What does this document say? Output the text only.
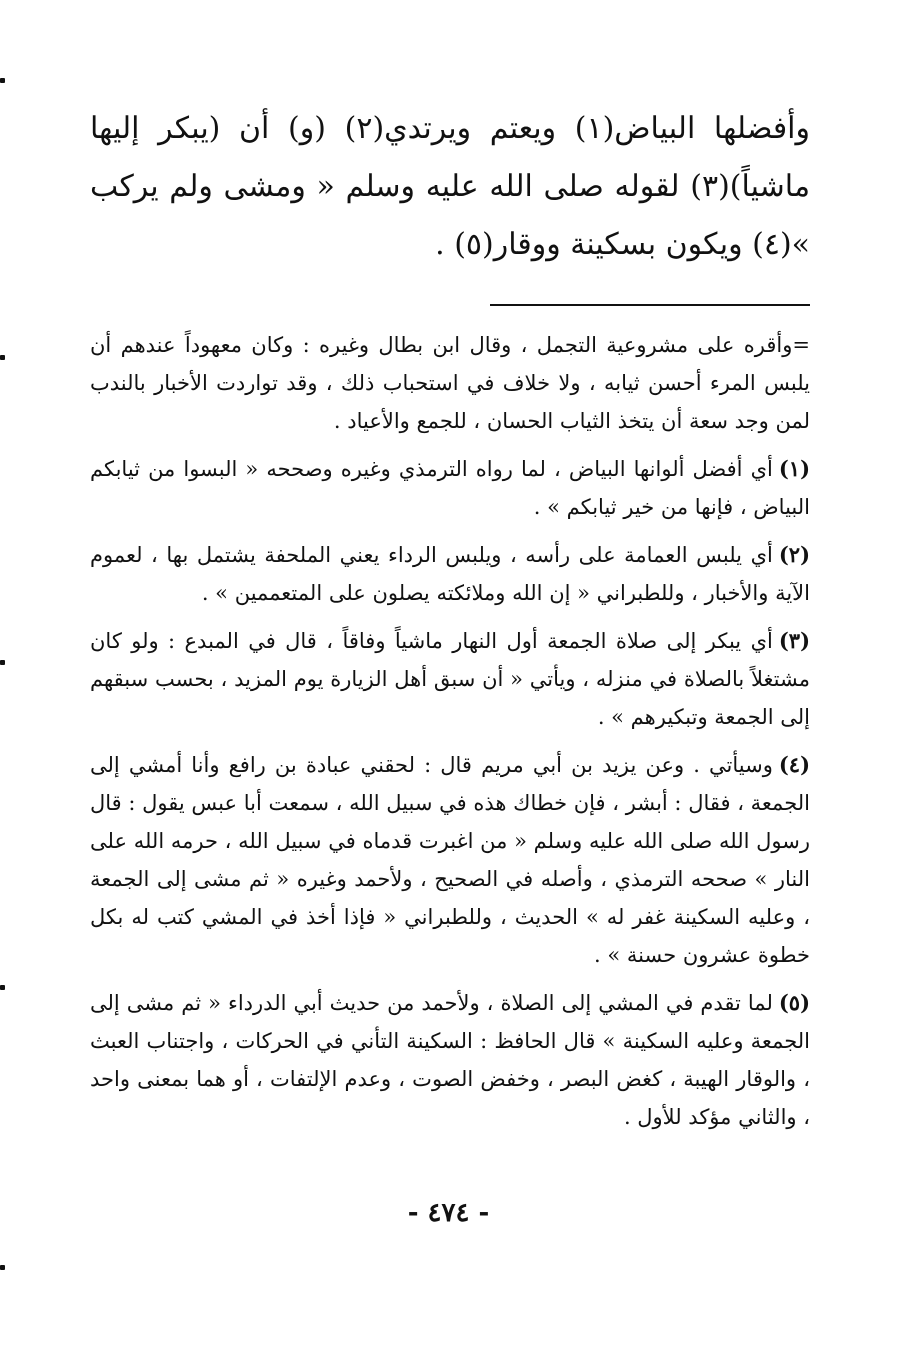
وأفضلها البياض(١) ويعتم ويرتدي(٢) (و) أن (يبكر إليها ماشياً)(٣) لقوله صلى الله عليه وسلم « ومشى ولم يركب »(٤) ويكون بسكينة ووقار(٥) .

=وأقره على مشروعية التجمل ، وقال ابن بطال وغيره : وكان معهوداً عندهم أن يلبس المرء أحسن ثيابه ، ولا خلاف في استحباب ذلك ، وقد تواردت الأخبار بالندب لمن وجد سعة أن يتخذ الثياب الحسان ، للجمع والأعياد .

(١)أي أفضل ألوانها البياض ، لما رواه الترمذي وغيره وصححه « البسوا من ثيابكم البياض ، فإنها من خير ثيابكم » .

(٢)أي يلبس العمامة على رأسه ، ويلبس الرداء يعني الملحفة يشتمل بها ، لعموم الآية والأخبار ، وللطبراني « إن الله وملائكته يصلون على المتعممين » .

(٣)أي يبكر إلى صلاة الجمعة أول النهار ماشياً وفاقاً ، قال في المبدع : ولو كان مشتغلاً بالصلاة في منزله ، ويأتي « أن سبق أهل الزيارة يوم المزيد ، بحسب سبقهم إلى الجمعة وتبكيرهم » .

(٤)وسيأتي . وعن يزيد بن أبي مريم قال : لحقني عبادة بن رافع وأنا أمشي إلى الجمعة ، فقال : أبشر ، فإن خطاك هذه في سبيل الله ، سمعت أبا عبس يقول : قال رسول الله صلى الله عليه وسلم « من اغبرت قدماه في سبيل الله ، حرمه الله على النار » صححه الترمذي ، وأصله في الصحيح ، ولأحمد وغيره « ثم مشى إلى الجمعة ، وعليه السكينة غفر له » الحديث ، وللطبراني « فإذا أخذ في المشي كتب له بكل خطوة عشرون حسنة » .

(٥)لما تقدم في المشي إلى الصلاة ، ولأحمد من حديث أبي الدرداء « ثم مشى إلى الجمعة وعليه السكينة » قال الحافظ : السكينة التأني في الحركات ، واجتناب العبث ، والوقار الهيبة ، كغض البصر ، وخفض الصوت ، وعدم الإلتفات ، أو هما بمعنى واحد ، والثاني مؤكد للأول .

- ٤٧٤ -
